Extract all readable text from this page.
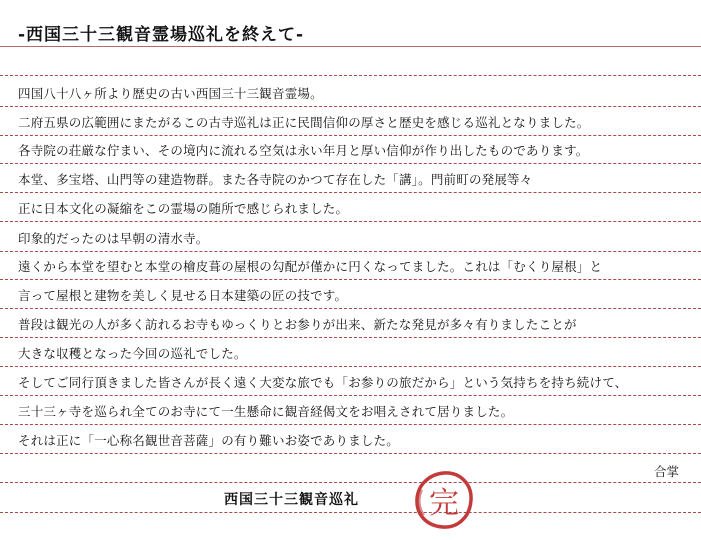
-西国三十三観音霊場巡礼を終えて-
四国八十八ヶ所より歴史の古い西国三十三観音霊場。
二府五県の広範囲にまたがるこの古寺巡礼は正に民間信仰の厚さと歴史を感じる巡礼となりました。
各寺院の荘厳な佇まい、その境内に流れる空気は永い年月と厚い信仰が作り出したものであります。
本堂、多宝塔、山門等の建造物群。また各寺院のかつて存在した「講」。門前町の発展等々
正に日本文化の凝縮をこの霊場の随所で感じられました。
印象的だったのは早朝の清水寺。
遠くから本堂を望むと本堂の檜皮葺の屋根の勾配が僅かに円くなってました。これは「むくり屋根」と
言って屋根と建物を美しく見せる日本建築の匠の技です。
普段は観光の人が多く訪れるお寺もゆっくりとお参りが出来、新たな発見が多々有りましたことが
大きな収穫となった今回の巡礼でした。
そしてご同行頂きました皆さんが長く遠く大変な旅でも「お参りの旅だから」という気持ちを持ち続けて、
三十三ヶ寺を巡られ全てのお寺にて一生懸命に観音経偈文をお唱えされて居りました。
それは正に「一心称名観世音菩薩」の有り難いお姿でありました。
合掌
西国三十三観音巡礼	完
